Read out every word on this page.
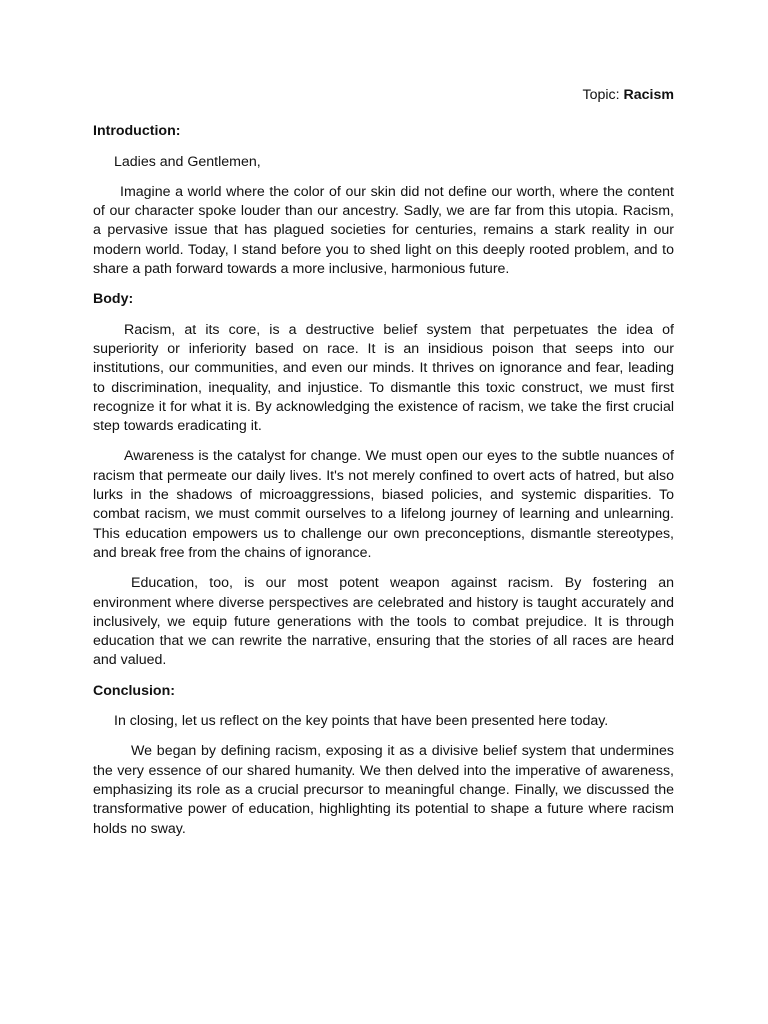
Topic: Racism

Introduction:

Ladies and Gentlemen,

Imagine a world where the color of our skin did not define our worth, where the content of our character spoke louder than our ancestry. Sadly, we are far from this utopia. Racism, a pervasive issue that has plagued societies for centuries, remains a stark reality in our modern world. Today, I stand before you to shed light on this deeply rooted problem, and to share a path forward towards a more inclusive, harmonious future.

Body:

Racism, at its core, is a destructive belief system that perpetuates the idea of superiority or inferiority based on race. It is an insidious poison that seeps into our institutions, our communities, and even our minds. It thrives on ignorance and fear, leading to discrimination, inequality, and injustice. To dismantle this toxic construct, we must first recognize it for what it is. By acknowledging the existence of racism, we take the first crucial step towards eradicating it.

Awareness is the catalyst for change. We must open our eyes to the subtle nuances of racism that permeate our daily lives. It's not merely confined to overt acts of hatred, but also lurks in the shadows of microaggressions, biased policies, and systemic disparities. To combat racism, we must commit ourselves to a lifelong journey of learning and unlearning. This education empowers us to challenge our own preconceptions, dismantle stereotypes, and break free from the chains of ignorance.

Education, too, is our most potent weapon against racism. By fostering an environment where diverse perspectives are celebrated and history is taught accurately and inclusively, we equip future generations with the tools to combat prejudice. It is through education that we can rewrite the narrative, ensuring that the stories of all races are heard and valued.

Conclusion:

In closing, let us reflect on the key points that have been presented here today.

We began by defining racism, exposing it as a divisive belief system that undermines the very essence of our shared humanity. We then delved into the imperative of awareness, emphasizing its role as a crucial precursor to meaningful change. Finally, we discussed the transformative power of education, highlighting its potential to shape a future where racism holds no sway.
